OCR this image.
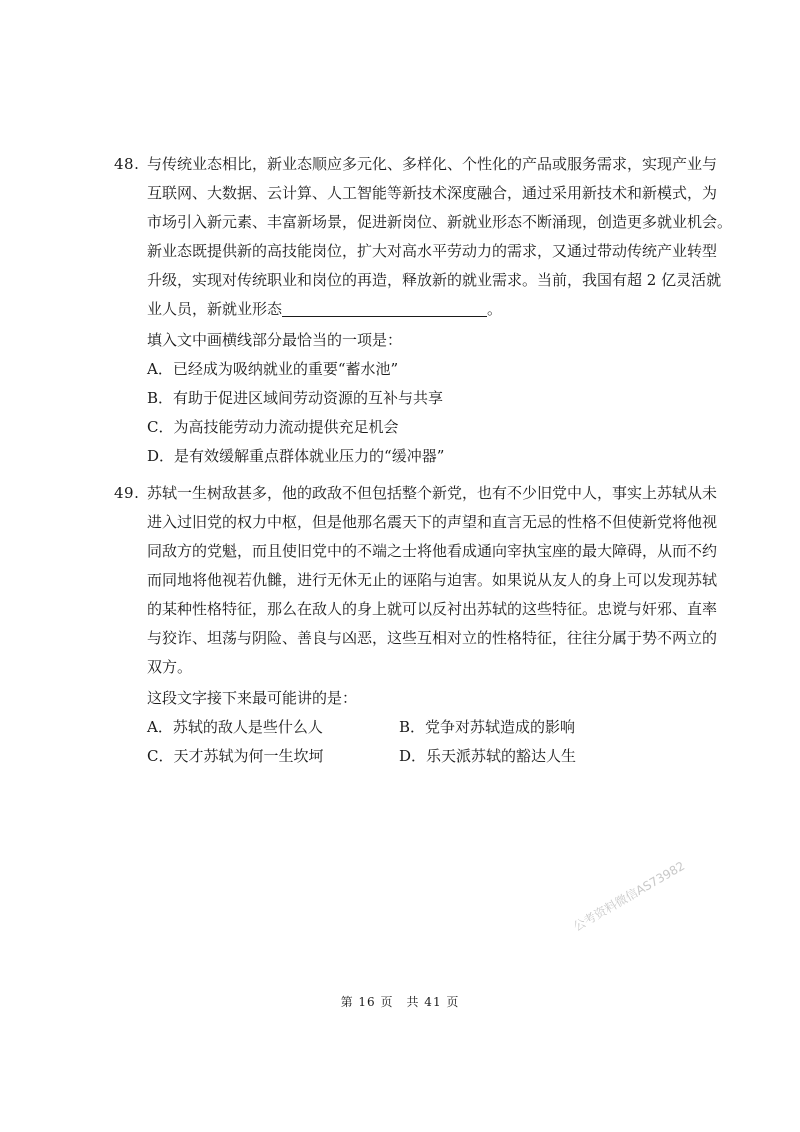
48. 与传统业态相比，新业态顺应多元化、多样化、个性化的产品或服务需求，实现产业与
互联网、大数据、云计算、人工智能等新技术深度融合，通过采用新技术和新模式，为
市场引入新元素、丰富新场景，促进新岗位、新就业形态不断涌现，创造更多就业机会。
新业态既提供新的高技能岗位，扩大对高水平劳动力的需求，又通过带动传统产业转型
升级，实现对传统职业和岗位的再造，释放新的就业需求。当前，我国有超 2 亿灵活就
业人员，新就业形态	。
填入文中画横线部分最恰当的一项是：
A．已经成为吸纳就业的重要“蓄水池”
B．有助于促进区域间劳动资源的互补与共享
C．为高技能劳动力流动提供充足机会
D．是有效缓解重点群体就业压力的“缓冲器”
49. 苏轼一生树敌甚多，他的政敌不但包括整个新党，也有不少旧党中人，事实上苏轼从未
进入过旧党的权力中枢，但是他那名震天下的声望和直言无忌的性格不但使新党将他视
同敌方的党魁，而且使旧党中的不端之士将他看成通向宰执宝座的最大障碍，从而不约
而同地将他视若仇雠，进行无休无止的诬陷与迫害。如果说从友人的身上可以发现苏轼
的某种性格特征，那么在敌人的身上就可以反衬出苏轼的这些特征。忠谠与奸邪、直率
与狡诈、坦荡与阴险、善良与凶恶，这些互相对立的性格特征，往往分属于势不两立的
双方。
这段文字接下来最可能讲的是：
A．苏轼的敌人是些什么人	B．党争对苏轼造成的影响
C．天才苏轼为何一生坎坷	D．乐天派苏轼的豁达人生
公考资料微信AS73982
第 16 页　共 41 页
